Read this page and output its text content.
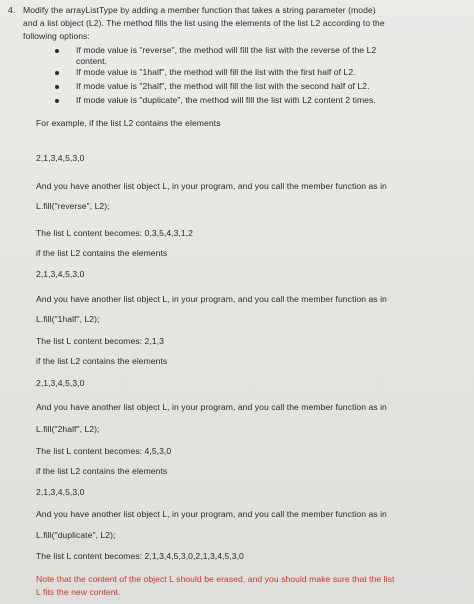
4. Modify the arrayListType by adding a member function that takes a string parameter (mode)
and a list object (L2). The method fills the list using the elements of the list L2 according to the
following options:
If mode value is "reverse", the method will fill the list with the reverse of the L2
content.
If mode value is "1half", the method will fill the list with the first half of L2.
If mode value is "2half", the method will fill the list with the second half of L2.
If mode value is "duplicate", the method will fill the list with L2 content 2 times.
For example, if the list L2 contains the elements
2,1,3,4,5,3,0
And you have another list object L, in your program, and you call the member function as in
L.fill("reverse", L2);
The list L content becomes: 0,3,5,4,3,1,2
if the list L2 contains the elements
2,1,3,4,5,3,0
And you have another list object L, in your program, and you call the member function as in
L.fill("1half", L2);
The list L content becomes: 2,1,3
if the list L2 contains the elements
2,1,3,4,5,3,0
And you have another list object L, in your program, and you call the member function as in
L.fill("2half", L2);
The list L content becomes: 4,5,3,0
if the list L2 contains the elements
2,1,3,4,5,3,0
And you have another list object L, in your program, and you call the member function as in
L.fill("duplicate", L2);
The list L content becomes: 2,1,3,4,5,3,0,2,1,3,4,5,3,0
Note that the content of the object L should be erased, and you should make sure that the list
L fits the new content.
